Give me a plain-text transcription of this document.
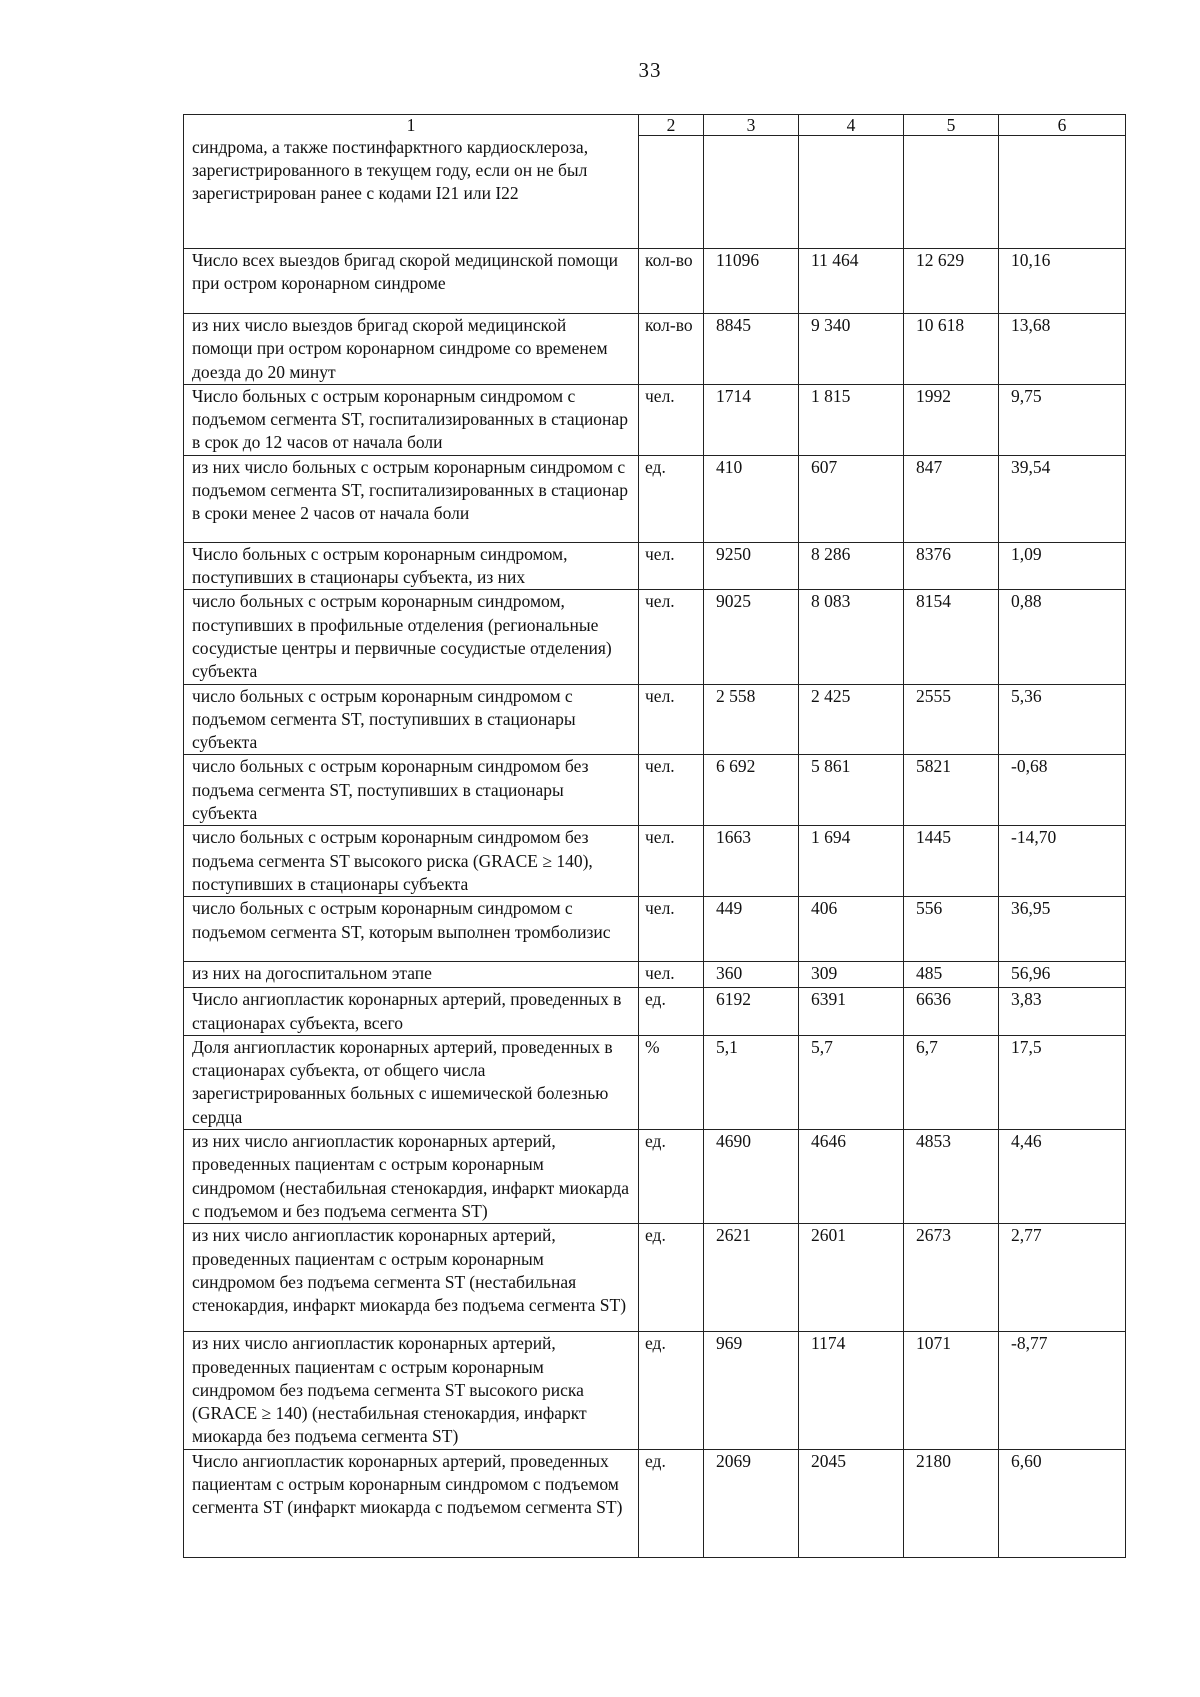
33
1	2	3	4	5	6
синдрома, а также постинфарктного кардиосклероза, зарегистрированного в текущем году, если он не был зарегистрирован ранее с кодами I21 или I22					
Число всех выездов бригад скорой медицинской помощи при остром коронарном синдроме	кол-во	11096	11 464	12 629	10,16
из них число выездов бригад скорой медицинской помощи при остром коронарном синдроме со временем доезда до 20 минут	кол-во	8845	9 340	10 618	13,68
Число больных с острым коронарным синдромом с подъемом сегмента ST, госпитализированных в стационар в срок до 12 часов от начала боли	чел.	1714	1 815	1992	9,75
из них число больных с острым коронарным синдромом с подъемом сегмента ST, госпитализированных в стационар в сроки менее 2 часов от начала боли	ед.	410	607	847	39,54
Число больных с острым коронарным синдромом, поступивших в стационары субъекта, из них	чел.	9250	8 286	8376	1,09
число больных с острым коронарным синдромом, поступивших в профильные отделения (региональные сосудистые центры и первичные сосудистые отделения) субъекта	чел.	9025	8 083	8154	0,88
число больных с острым коронарным синдромом с подъемом сегмента ST, поступивших в стационары субъекта	чел.	2 558	2 425	2555	5,36
число больных с острым коронарным синдромом без подъема сегмента ST, поступивших в стационары субъекта	чел.	6 692	5 861	5821	-0,68
число больных с острым коронарным синдромом без подъема сегмента ST высокого риска (GRACE ≥ 140), поступивших в стационары субъекта	чел.	1663	1 694	1445	-14,70
число больных с острым коронарным синдромом с подъемом сегмента ST, которым выполнен тромболизис	чел.	449	406	556	36,95
из них на догоспитальном этапе	чел.	360	309	485	56,96
Число ангиопластик коронарных артерий, проведенных в стационарах субъекта, всего	ед.	6192	6391	6636	3,83
Доля ангиопластик коронарных артерий, проведенных в стационарах субъекта, от общего числа зарегистрированных больных с ишемической болезнью сердца	%	5,1	5,7	6,7	17,5
из них число ангиопластик коронарных артерий, проведенных пациентам с острым коронарным синдромом (нестабильная стенокардия, инфаркт миокарда с подъемом и без подъема сегмента ST)	ед.	4690	4646	4853	4,46
из них число ангиопластик коронарных артерий, проведенных пациентам с острым коронарным синдромом без подъема сегмента ST (нестабильная стенокардия, инфаркт миокарда без подъема сегмента ST)	ед.	2621	2601	2673	2,77
из них число ангиопластик коронарных артерий, проведенных пациентам с острым коронарным синдромом без подъема сегмента ST высокого риска (GRACE ≥ 140) (нестабильная стенокардия, инфаркт миокарда без подъема сегмента ST)	ед.	969	1174	1071	-8,77
Число ангиопластик коронарных артерий, проведенных пациентам с острым коронарным синдромом с подъемом сегмента ST (инфаркт миокарда с подъемом сегмента ST)	ед.	2069	2045	2180	6,60
